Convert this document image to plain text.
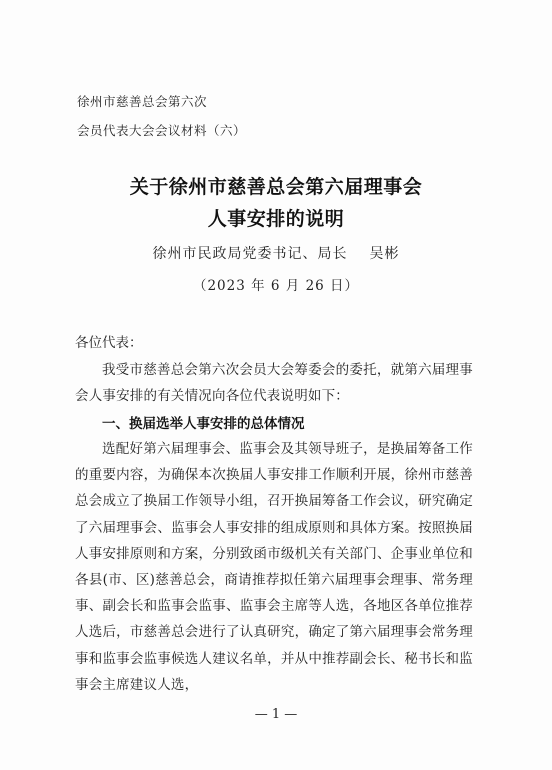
徐州市慈善总会第六次
会员代表大会会议材料（六）
关于徐州市慈善总会第六届理事会
人事安排的说明
徐州市民政局党委书记、局长 吴彬
（2023 年 6 月 26 日）
各位代表：
我受市慈善总会第六次会员大会筹委会的委托，就第六届理事会人事安排的有关情况向各位代表说明如下：
一、换届选举人事安排的总体情况
选配好第六届理事会、监事会及其领导班子，是换届筹备工作的重要内容，为确保本次换届人事安排工作顺利开展，徐州市慈善总会成立了换届工作领导小组，召开换届筹备工作会议，研究确定了六届理事会、监事会人事安排的组成原则和具体方案。按照换届人事安排原则和方案，分别致函市级机关有关部门、企事业单位和各县(市、区)慈善总会，商请推荐拟任第六届理事会理事、常务理事、副会长和监事会监事、监事会主席等人选，各地区各单位推荐人选后，市慈善总会进行了认真研究，确定了第六届理事会常务理事和监事会监事候选人建议名单，并从中推荐副会长、秘书长和监事会主席建议人选，
— 1 —
